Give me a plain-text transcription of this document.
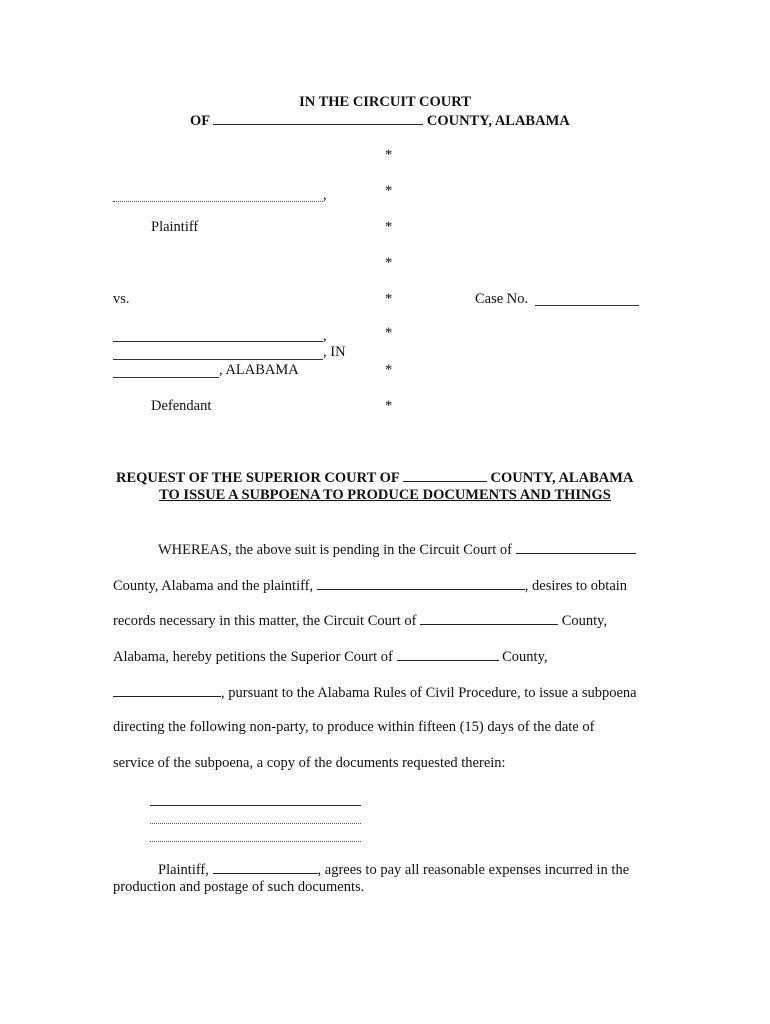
IN THE CIRCUIT COURT
OF	COUNTY, ALABAMA
*
*
*
*
*
*
*
*
,
Plaintiff
vs.	Case No.
,
, IN
, ALABAMA
Defendant
REQUEST OF THE SUPERIOR COURT OF	COUNTY, ALABAMA
TO ISSUE A SUBPOENA TO PRODUCE DOCUMENTS AND THINGS
WHEREAS, the above suit is pending in the Circuit Court of
County, Alabama and the plaintiff,	, desires to obtain
records necessary in this matter, the Circuit Court of	County,
Alabama, hereby petitions the Superior Court of	County,
, pursuant to the Alabama Rules of Civil Procedure, to issue a subpoena
directing the following non-party, to produce within fifteen (15) days of the date of
service of the subpoena, a copy of the documents requested therein:
Plaintiff,	, agrees to pay all reasonable expenses incurred in the
production and postage of such documents.
